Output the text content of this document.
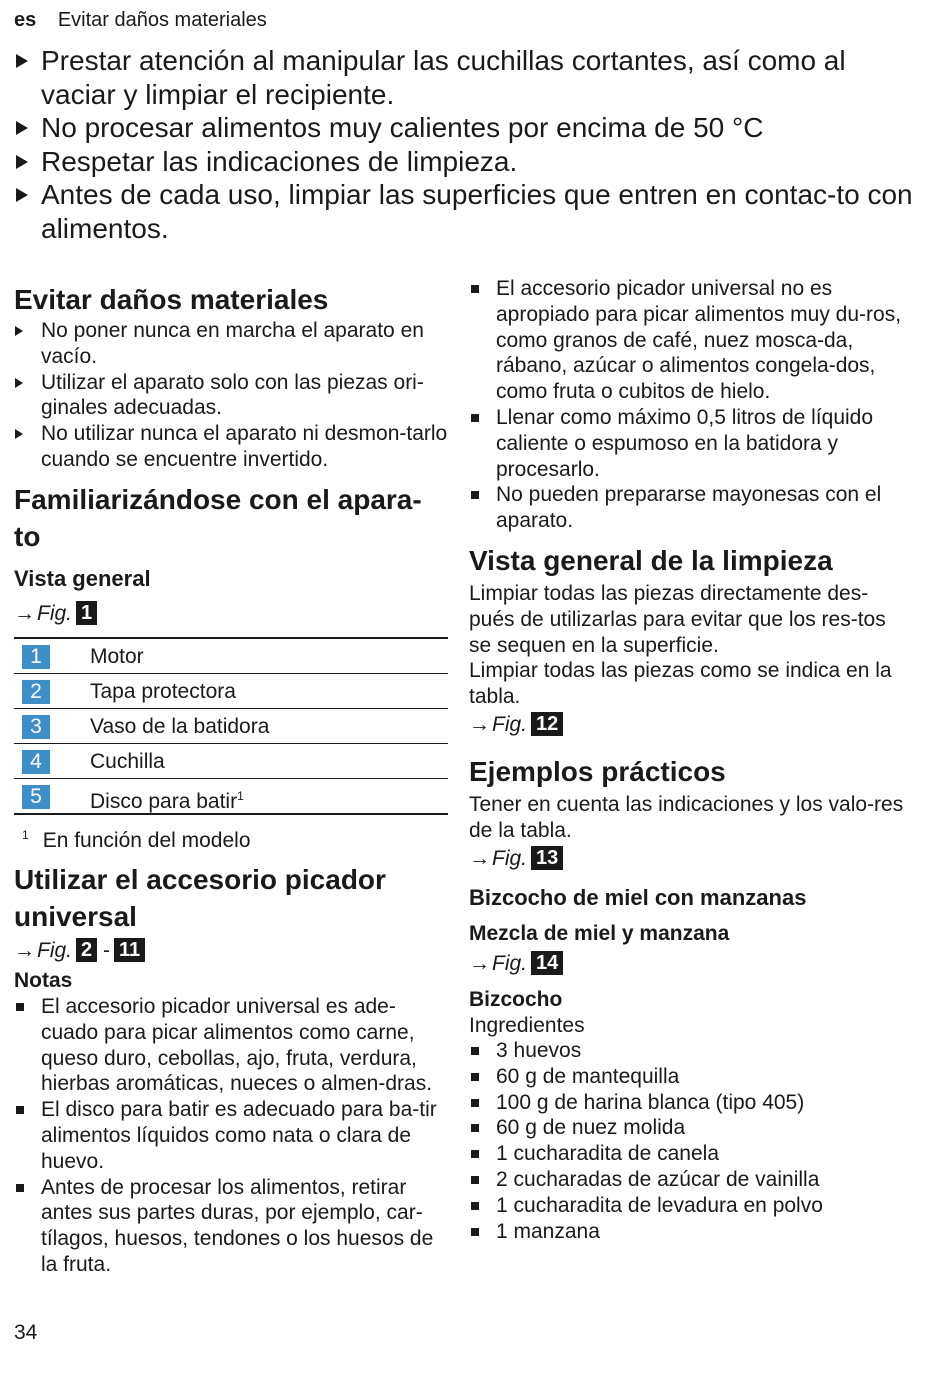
es Evitar daños materiales
Prestar atención al manipular las cuchillas cortantes, así como al vaciar y limpiar el recipiente.
No procesar alimentos muy calientes por encima de 50 °C
Respetar las indicaciones de limpieza.
Antes de cada uso, limpiar las superficies que entren en contac-to con alimentos.
Evitar daños materiales
No poner nunca en marcha el aparato en vacío.
Utilizar el aparato solo con las piezas ori-ginales adecuadas.
No utilizar nunca el aparato ni desmon-tarlo cuando se encuentre invertido.
Familiarizándose con el apara-to
Vista general
→Fig. 1
1	Motor
2	Tapa protectora
3	Vaso de la batidora
4	Cuchilla
5	Disco para batir$^1$
$^1$ En función del modelo
Utilizar el accesorio picador universal
→Fig. 2 - 11
Notas
El accesorio picador universal es ade-cuado para picar alimentos como carne, queso duro, cebollas, ajo, fruta, verdura, hierbas aromáticas, nueces o almen-dras.
El disco para batir es adecuado para ba-tir alimentos líquidos como nata o clara de huevo.
Antes de procesar los alimentos, retirar antes sus partes duras, por ejemplo, car-tílagos, huesos, tendones o los huesos de la fruta.
El accesorio picador universal no es apropiado para picar alimentos muy du-ros, como granos de café, nuez mosca-da, rábano, azúcar o alimentos congela-dos, como fruta o cubitos de hielo.
Llenar como máximo 0,5 litros de líquido caliente o espumoso en la batidora y procesarlo.
No pueden prepararse mayonesas con el aparato.
Vista general de la limpieza

Limpiar todas las piezas directamente des-pués de utilizarlas para evitar que los res-tos se sequen en la superficie.

Limpiar todas las piezas como se indica en la tabla.

→Fig. 12
Ejemplos prácticos

Tener en cuenta las indicaciones y los valo-res de la tabla.

→Fig. 13
Bizcocho de miel con manzanas
Mezcla de miel y manzana
→Fig. 14
Bizcocho

Ingredientes

3 huevos
60 g de mantequilla
100 g de harina blanca (tipo 405)
60 g de nuez molida
1 cucharadita de canela
2 cucharadas de azúcar de vainilla
1 cucharadita de levadura en polvo
1 manzana
34
